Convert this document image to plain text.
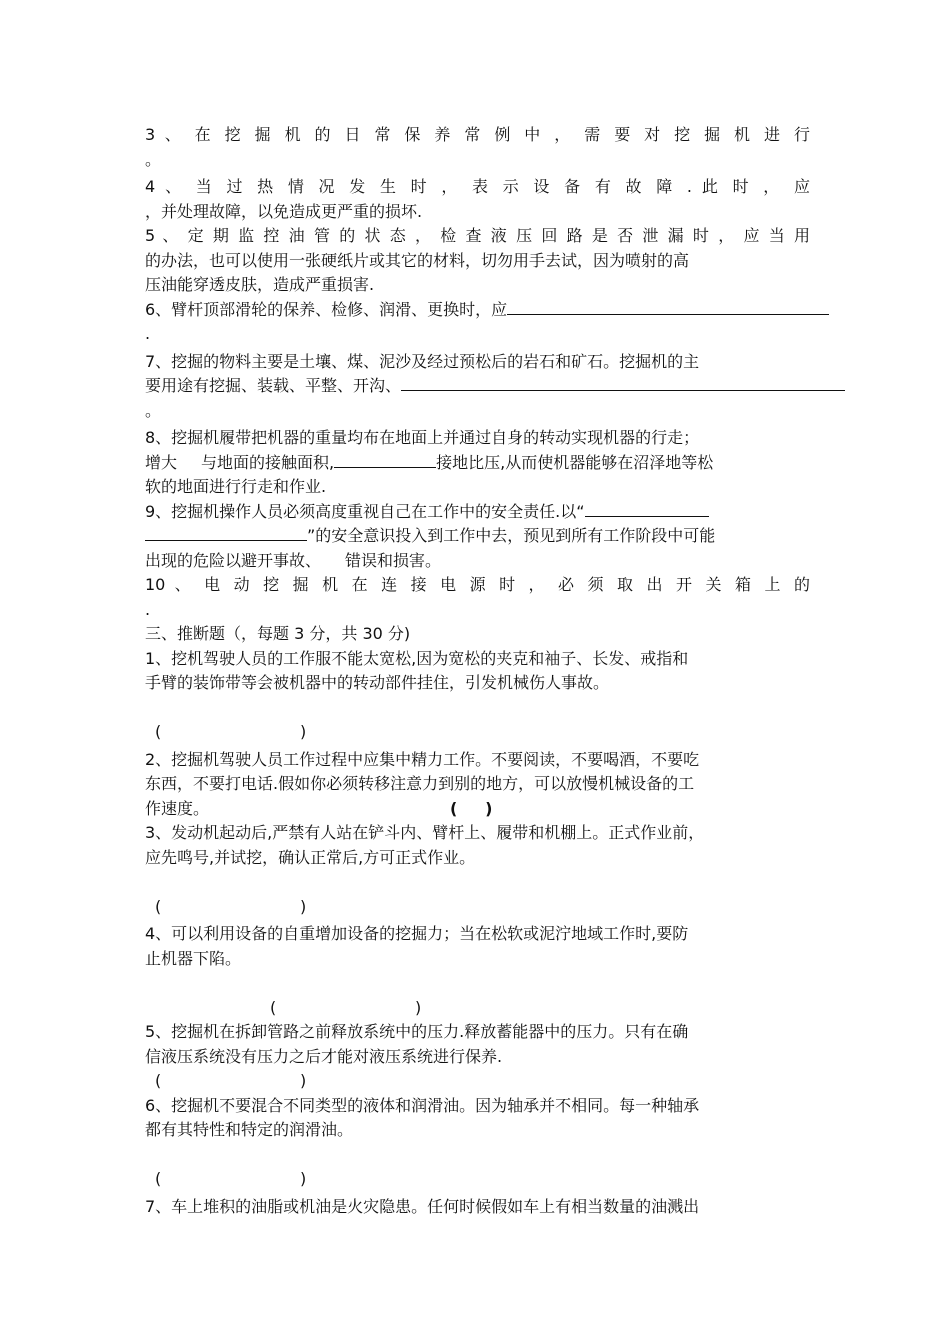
3 、 在 挖 掘 机 的 日 常 保 养 常 例 中 ， 需 要 对 挖 掘 机 进 行
。
4 、 当 过 热 情 况 发 生 时 ， 表 示 设 备 有 故 障 . 此 时 ， 应
，并处理故障，以免造成更严重的损坏.
5 、 定 期 监 控 油 管 的 状 态 ， 检 查 液 压 回 路 是 否 泄 漏 时 ， 应 当 用
的办法，也可以使用一张硬纸片或其它的材料，切勿用手去试，因为喷射的高
压油能穿透皮肤，造成严重损害.
6、臂杆顶部滑轮的保养、检修、润滑、更换时，应
.
7、挖掘的物料主要是土壤、煤、泥沙及经过预松后的岩石和矿石。挖掘机的主
要用途有挖掘、装载、平整、开沟、
。
8、挖掘机履带把机器的重量均布在地面上并通过自身的转动实现机器的行走；
增大 与地面的接触面积,	接地比压,从而使机器能够在沼泽地等松
软的地面进行行走和作业.
9、挖掘机操作人员必须高度重视自己在工作中的安全责任.以“
”的安全意识投入到工作中去，预见到所有工作阶段中可能
出现的危险以避开事故、 错误和损害。
10 、 电 动 挖 掘 机 在 连 接 电 源 时 ， 必 须 取 出 开 关 箱 上 的
.
三、推断题（，每题 3 分，共 30 分)
1、挖机驾驶人员的工作服不能太宽松,因为宽松的夹克和袖子、长发、戒指和
手臂的装饰带等会被机器中的转动部件挂住，引发机械伤人事故。
(	)
2、挖掘机驾驶人员工作过程中应集中精力工作。不要阅读，不要喝酒，不要吃
东西，不要打电话.假如你必须转移注意力到别的地方，可以放慢机械设备的工
作速度。	(     )
3、发动机起动后,严禁有人站在铲斗内、臂杆上、履带和机棚上。正式作业前，
应先鸣号,并试挖，确认正常后,方可正式作业。
(	)
4、可以利用设备的自重增加设备的挖掘力；当在松软或泥泞地域工作时,要防
止机器下陷。
(	)
5、挖掘机在拆卸管路之前释放系统中的压力.释放蓄能器中的压力。只有在确
信液压系统没有压力之后才能对液压系统进行保养.
(	)
6、挖掘机不要混合不同类型的液体和润滑油。因为轴承并不相同。每一种轴承
都有其特性和特定的润滑油。
(	)
7、车上堆积的油脂或机油是火灾隐患。任何时候假如车上有相当数量的油溅出
